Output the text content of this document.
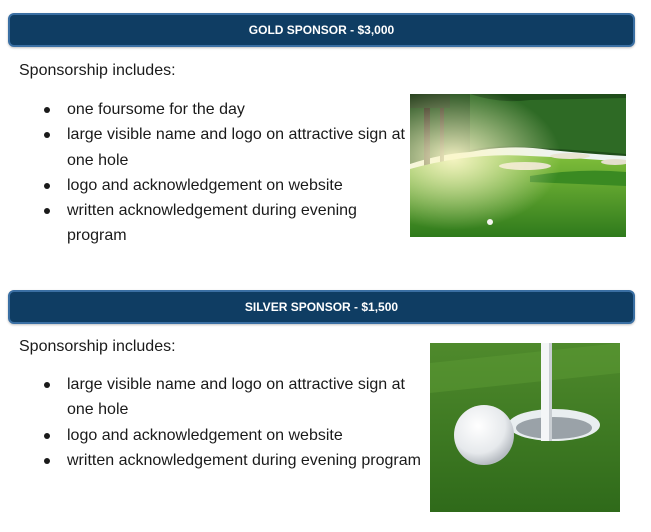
GOLD SPONSOR - $3,000
Sponsorship includes:
one foursome for the day
large visible name and logo on attractive sign at one hole
logo and acknowledgement on website
written acknowledgement during evening program
SILVER SPONSOR - $1,500
Sponsorship includes:
large visible name and logo on attractive sign at one hole
logo and acknowledgement on website
written acknowledgement during evening program
